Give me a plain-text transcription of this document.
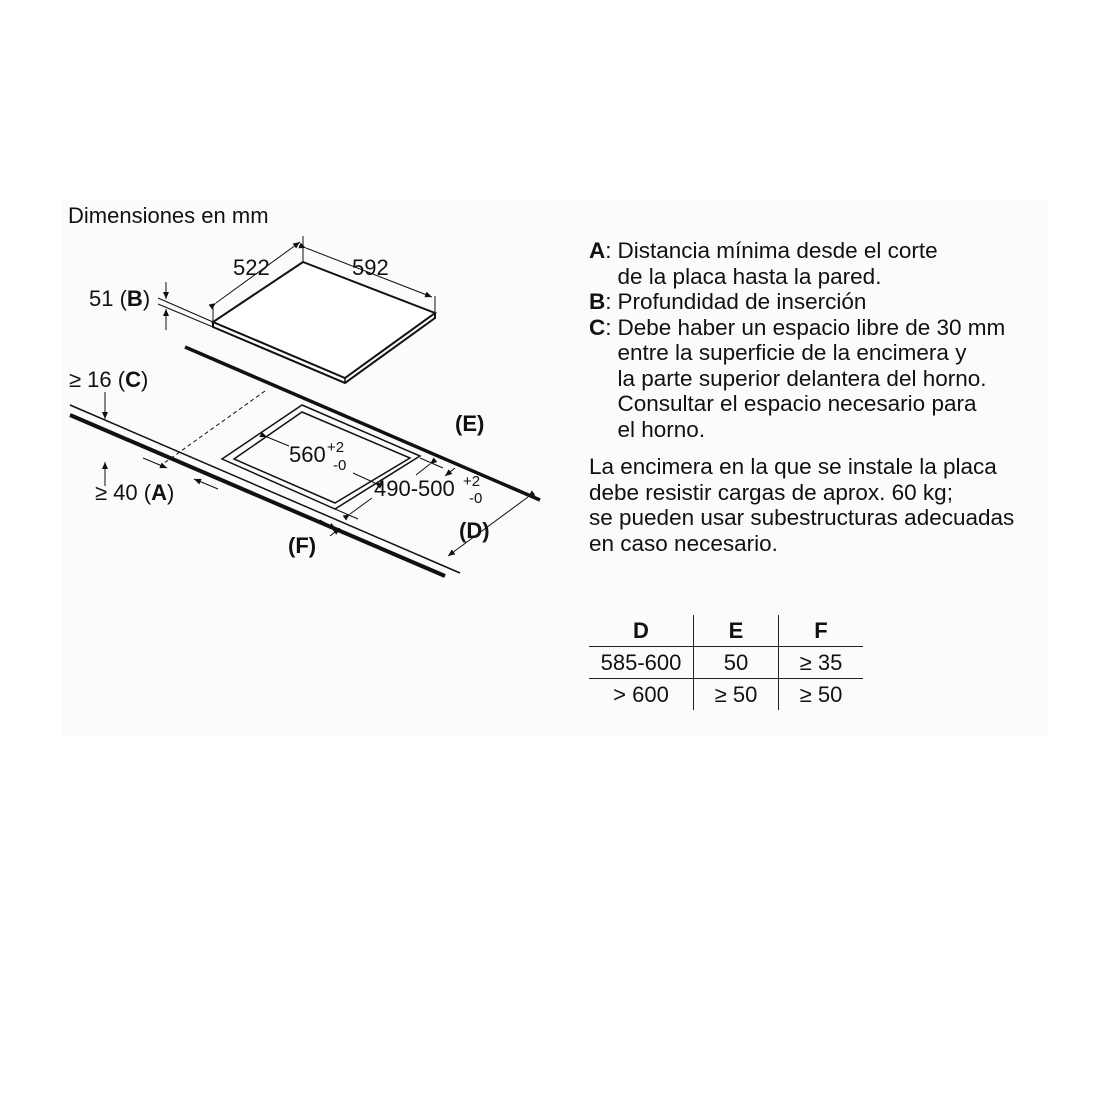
Dimensiones en mm
592
522
51 (B)
≥ 16 (C)
≥ 40 (A)
560 +2
-0
490-500 +2
-0
(E)
(D)
(F)
A : Distancia mínima desde el corte
de la placa hasta la pared.
B : Profundidad de inserción
C : Debe haber un espacio libre de 30 mm
entre la superficie de la encimera y
la parte superior delantera del horno.
Consultar el espacio necesario para
el horno.
La encimera en la que se instale la placa
debe resistir cargas de aprox. 60 kg;
se pueden usar subestructuras adecuadas
en caso necesario.
D	E	F
585-600	50	≥ 35
> 600	≥ 50	≥ 50
